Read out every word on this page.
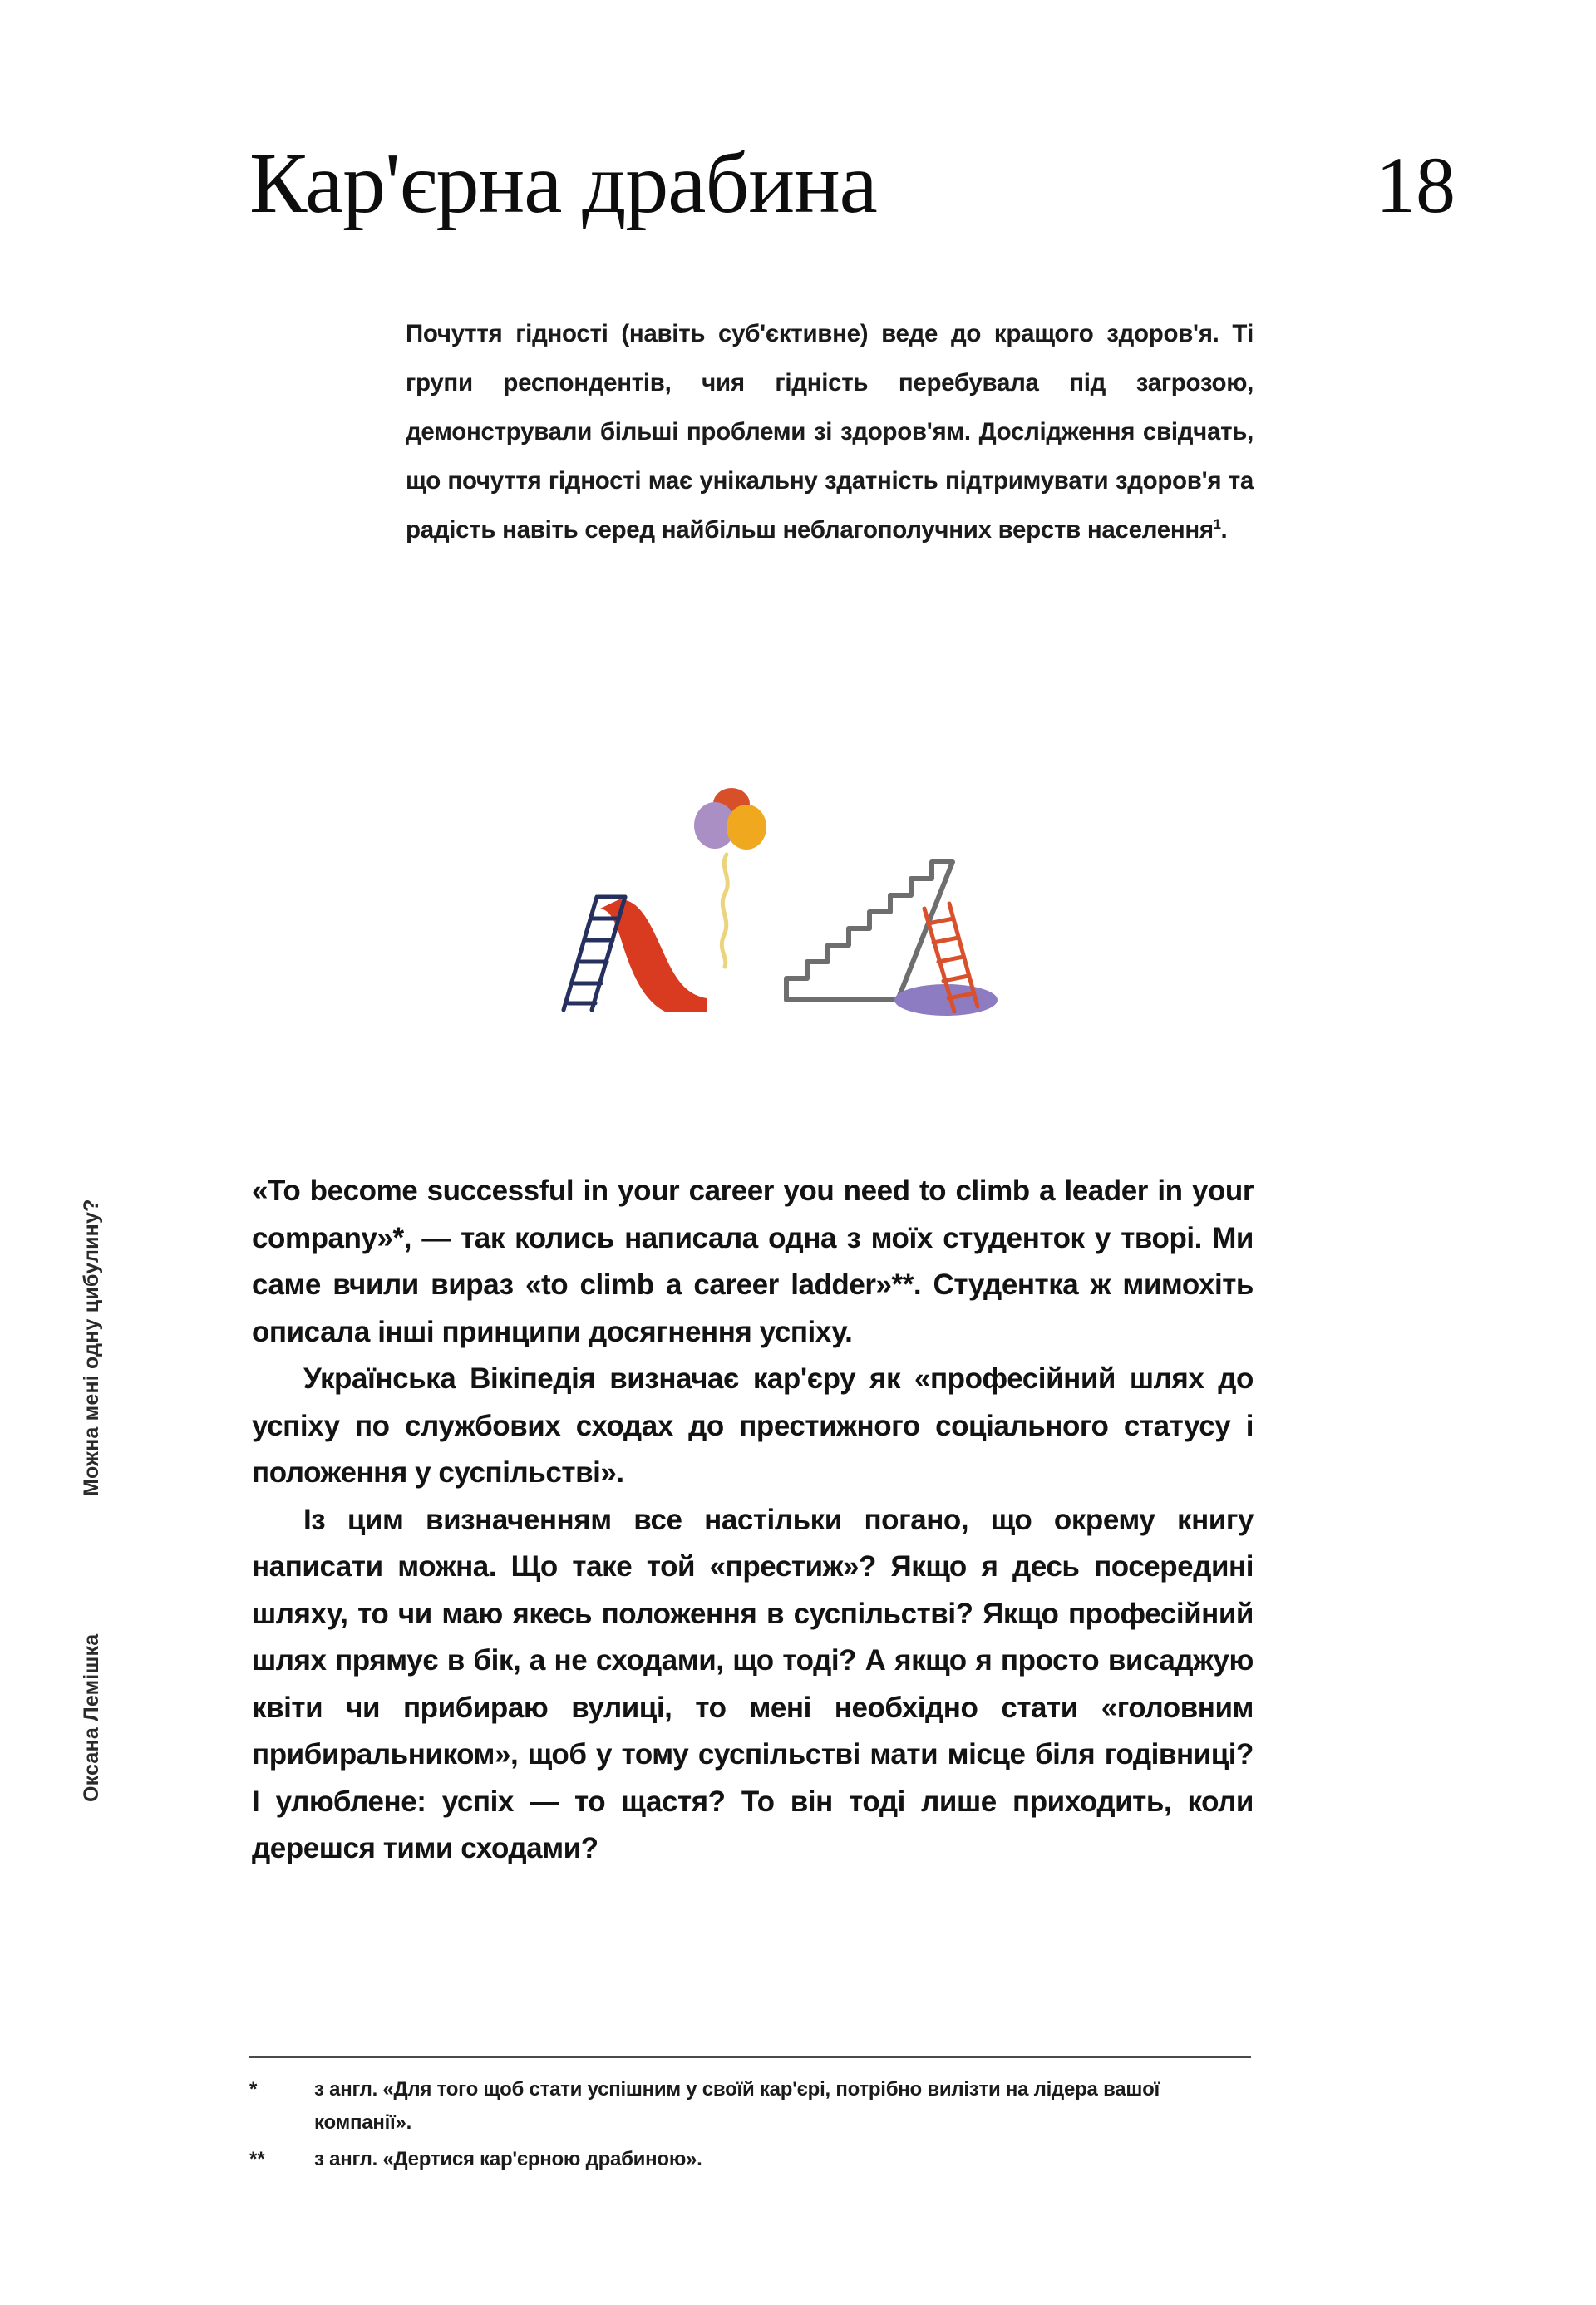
Кар'єрна драбина	18

Почуття гідності (навіть суб'єктивне) веде до кращого здоров'я. Ті групи респондентів, чия гідність перебувала під загрозою, демонстрували більші проблеми зі здоров'ям. Дослідження свідчать, що почуття гідності має унікальну здатність підтримувати здоров'я та радість навіть серед найбільш неблагополучних верств населення$^1$.

«To become successful in your career you need to climb a leader in your company»*, — так колись написала одна з моїх студенток у творі. Ми саме вчили вираз «to climb a career ladder»**. Студентка ж мимохіть описала інші принципи досягнення успіху.

Українська Вікіпедія визначає кар'єру як «професійний шлях до успіху по службових сходах до престижного соціального статусу і положення у суспільстві».

Із цим визначенням все настільки погано, що окрему книгу написати можна. Що таке той «престиж»? Якщо я десь посередині шляху, то чи маю якесь положення в суспільстві? Якщо професійний шлях прямує в бік, а не сходами, що тоді? А якщо я просто висаджую квіти чи прибираю вулиці, то мені необхідно стати «головним прибиральником», щоб у тому суспільстві мати місце біля годівниці? І улюблене: успіх — то щастя? То він тоді лише приходить, коли дерешся тими сходами?

*	з англ. «Для того щоб стати успішним у своїй кар'єрі, потрібно вилізти на лідера вашої компанії».
**	з англ. «Дертися кар'єрною драбиною».
Можна мені одну цибулину?
Оксана Лемішка
